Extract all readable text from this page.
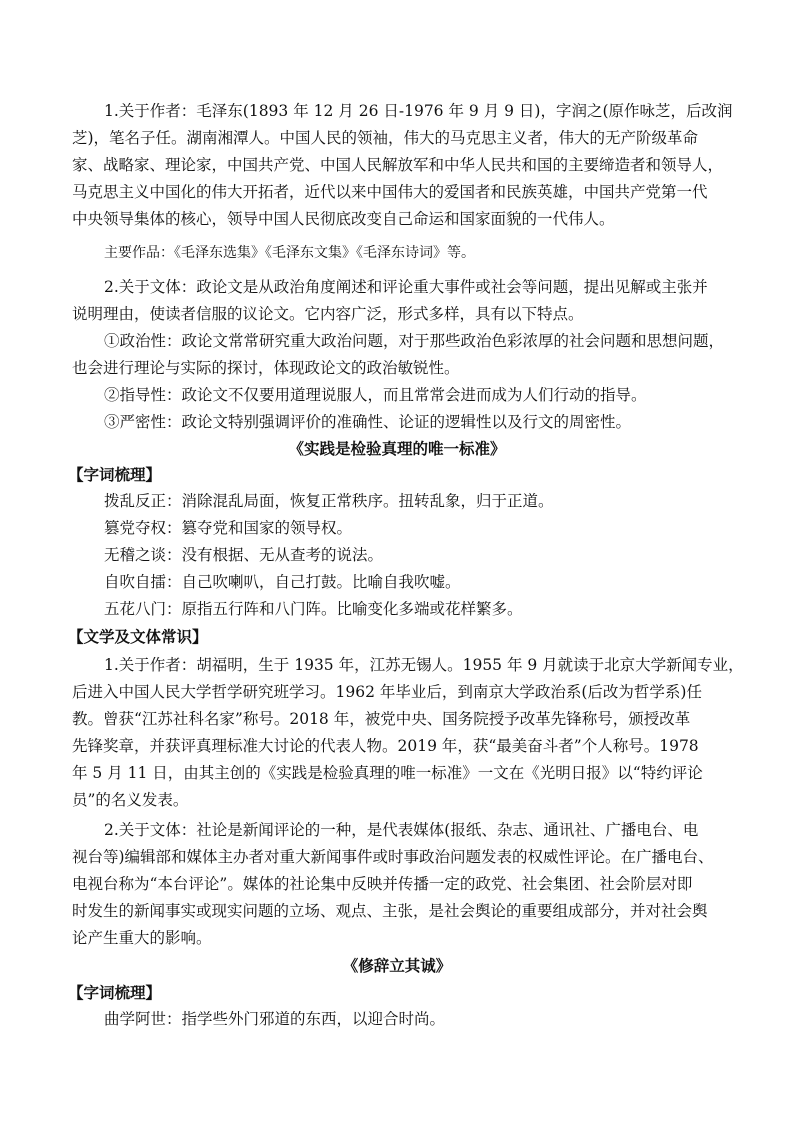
1.关于作者：毛泽东(1893 年 12 月 26 日-1976 年 9 月 9 日)，字润之(原作咏芝，后改润
芝)，笔名子任。湖南湘潭人。中国人民的领袖，伟大的马克思主义者，伟大的无产阶级革命
家、战略家、理论家，中国共产党、中国人民解放军和中华人民共和国的主要缔造者和领导人，
马克思主义中国化的伟大开拓者，近代以来中国伟大的爱国者和民族英雄，中国共产党第一代
中央领导集体的核心，领导中国人民彻底改变自己命运和国家面貌的一代伟人。
主要作品：《毛泽东选集》《毛泽东文集》《毛泽东诗词》等。
2.关于文体：政论文是从政治角度阐述和评论重大事件或社会等问题，提出见解或主张并
说明理由，使读者信服的议论文。它内容广泛，形式多样，具有以下特点。
①政治性：政论文常常研究重大政治问题，对于那些政治色彩浓厚的社会问题和思想问题，
也会进行理论与实际的探讨，体现政论文的政治敏锐性。
②指导性：政论文不仅要用道理说服人，而且常常会进而成为人们行动的指导。
③严密性：政论文特别强调评价的准确性、论证的逻辑性以及行文的周密性。
《实践是检验真理的唯一标准》
【字词梳理】
拨乱反正：消除混乱局面，恢复正常秩序。扭转乱象，归于正道。
篡党夺权：篡夺党和国家的领导权。
无稽之谈：没有根据、无从查考的说法。
自吹自擂：自己吹喇叭，自己打鼓。比喻自我吹嘘。
五花八门：原指五行阵和八门阵。比喻变化多端或花样繁多。
【文学及文体常识】
1.关于作者：胡福明，生于 1935 年，江苏无锡人。1955 年 9 月就读于北京大学新闻专业，
后进入中国人民大学哲学研究班学习。1962 年毕业后，到南京大学政治系(后改为哲学系)任
教。曾获“江苏社科名家”称号。2018 年，被党中央、国务院授予改革先锋称号，颁授改革
先锋奖章，并获评真理标准大讨论的代表人物。2019 年，获“最美奋斗者”个人称号。1978
年 5 月 11 日，由其主创的《实践是检验真理的唯一标准》一文在《光明日报》以“特约评论
员”的名义发表。
2.关于文体：社论是新闻评论的一种，是代表媒体(报纸、杂志、通讯社、广播电台、电
视台等)编辑部和媒体主办者对重大新闻事件或时事政治问题发表的权威性评论。在广播电台、
电视台称为“本台评论”。媒体的社论集中反映并传播一定的政党、社会集团、社会阶层对即
时发生的新闻事实或现实问题的立场、观点、主张，是社会舆论的重要组成部分，并对社会舆
论产生重大的影响。
《修辞立其诚》
【字词梳理】
曲学阿世：指学些外门邪道的东西，以迎合时尚。
